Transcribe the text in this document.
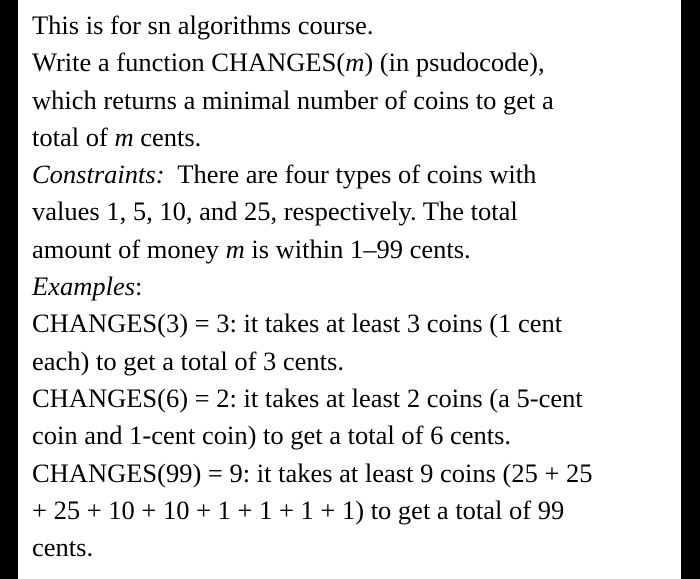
This is for sn algorithms course.
Write a function CHANGES(m) (in psudocode),
which returns a minimal number of coins to get a
total of m cents.
Constraints:  There are four types of coins with
values 1, 5, 10, and 25, respectively. The total
amount of money m is within 1–99 cents.
Examples:
CHANGES(3) = 3: it takes at least 3 coins (1 cent
each) to get a total of 3 cents.
CHANGES(6) = 2: it takes at least 2 coins (a 5-cent
coin and 1-cent coin) to get a total of 6 cents.
CHANGES(99) = 9: it takes at least 9 coins (25 + 25
+ 25 + 10 + 10 + 1 + 1 + 1 + 1) to get a total of 99
cents.
